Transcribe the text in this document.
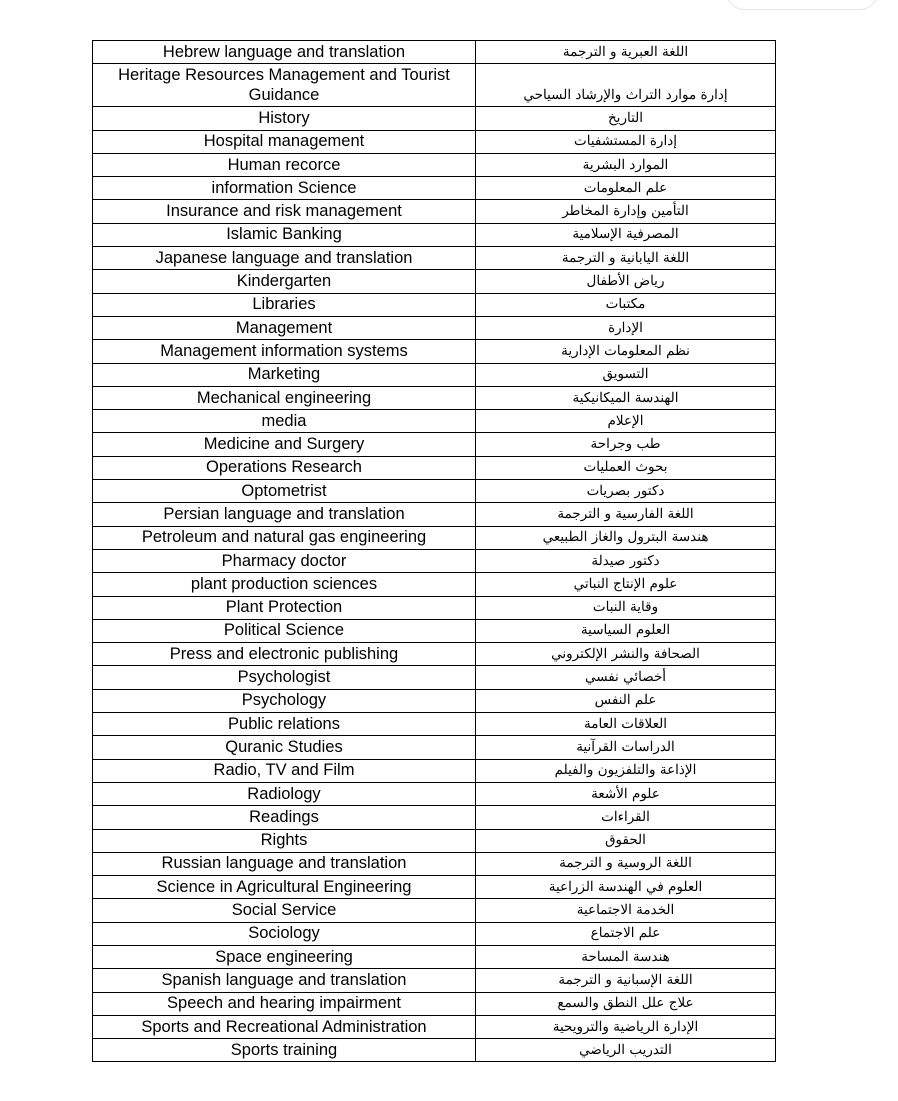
Hebrew language and translation	اللغة العبرية و الترجمة
Heritage Resources Management and Tourist Guidance	إدارة موارد التراث والإرشاد السياحي
History	التاريخ
Hospital management	إدارة المستشفيات
Human recorce	الموارد البشرية
information Science	علم المعلومات
Insurance and risk management	التأمين وإدارة المخاطر
Islamic Banking	المصرفية الإسلامية
Japanese language and translation	اللغة اليابانية و الترجمة
Kindergarten	رياض الأطفال
Libraries	مكتبات
Management	الإدارة
Management information systems	نظم المعلومات الإدارية
Marketing	التسويق
Mechanical engineering	الهندسة الميكانيكية
media	الإعلام
Medicine and Surgery	طب وجراحة
Operations Research	بحوث العمليات
Optometrist	دكتور بصريات
Persian language and translation	اللغة الفارسية و الترجمة
Petroleum and natural gas engineering	هندسة البترول والغاز الطبيعي
Pharmacy doctor	دكتور صيدلة
plant production sciences	علوم الإنتاج النباتي
Plant Protection	وقاية النبات
Political Science	العلوم السياسية
Press and electronic publishing	الصحافة والنشر الإلكتروني
Psychologist	أخصائي نفسي
Psychology	علم النفس
Public relations	العلاقات العامة
Quranic Studies	الدراسات القرآنية
Radio, TV and Film	الإذاعة والتلفزيون والفيلم
Radiology	علوم الأشعة
Readings	القراءات
Rights	الحقوق
Russian language and translation	اللغة الروسية و الترجمة
Science in Agricultural Engineering	العلوم في الهندسة الزراعية
Social Service	الخدمة الاجتماعية
Sociology	علم الاجتماع
Space engineering	هندسة المساحة
Spanish language and translation	اللغة الإسبانية و الترجمة
Speech and hearing impairment	علاج علل النطق والسمع
Sports and Recreational Administration	الإدارة الرياضية والترويحية
Sports training	التدريب الرياضي
